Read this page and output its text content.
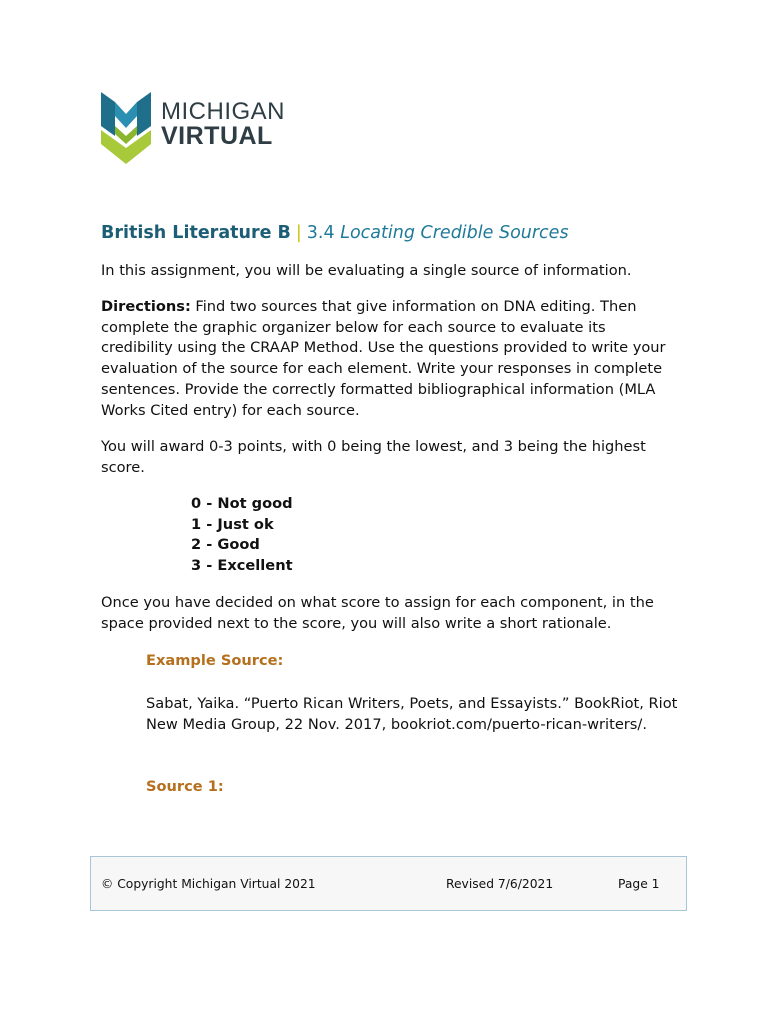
MICHIGAN
VIRTUAL
British Literature B | 3.4 Locating Credible Sources
In this assignment, you will be evaluating a single source of information.
Directions: Find two sources that give information on DNA editing. Then complete the graphic organizer below for each source to evaluate its credibility using the CRAAP Method. Use the questions provided to write your evaluation of the source for each element. Write your responses in complete sentences. Provide the correctly formatted bibliographical information (MLA Works Cited entry) for each source.
You will award 0-3 points, with 0 being the lowest, and 3 being the highest score.
0 - Not good
1 - Just ok
2 - Good
3 - Excellent
Once you have decided on what score to assign for each component, in the space provided next to the score, you will also write a short rationale.
Example Source:
Sabat, Yaika. “Puerto Rican Writers, Poets, and Essayists.” BookRiot, Riot New Media Group, 22 Nov. 2017, bookriot.com/puerto-rican-writers/.
Source 1:
© Copyright Michigan Virtual 2021	Revised 7/6/2021	Page 1
